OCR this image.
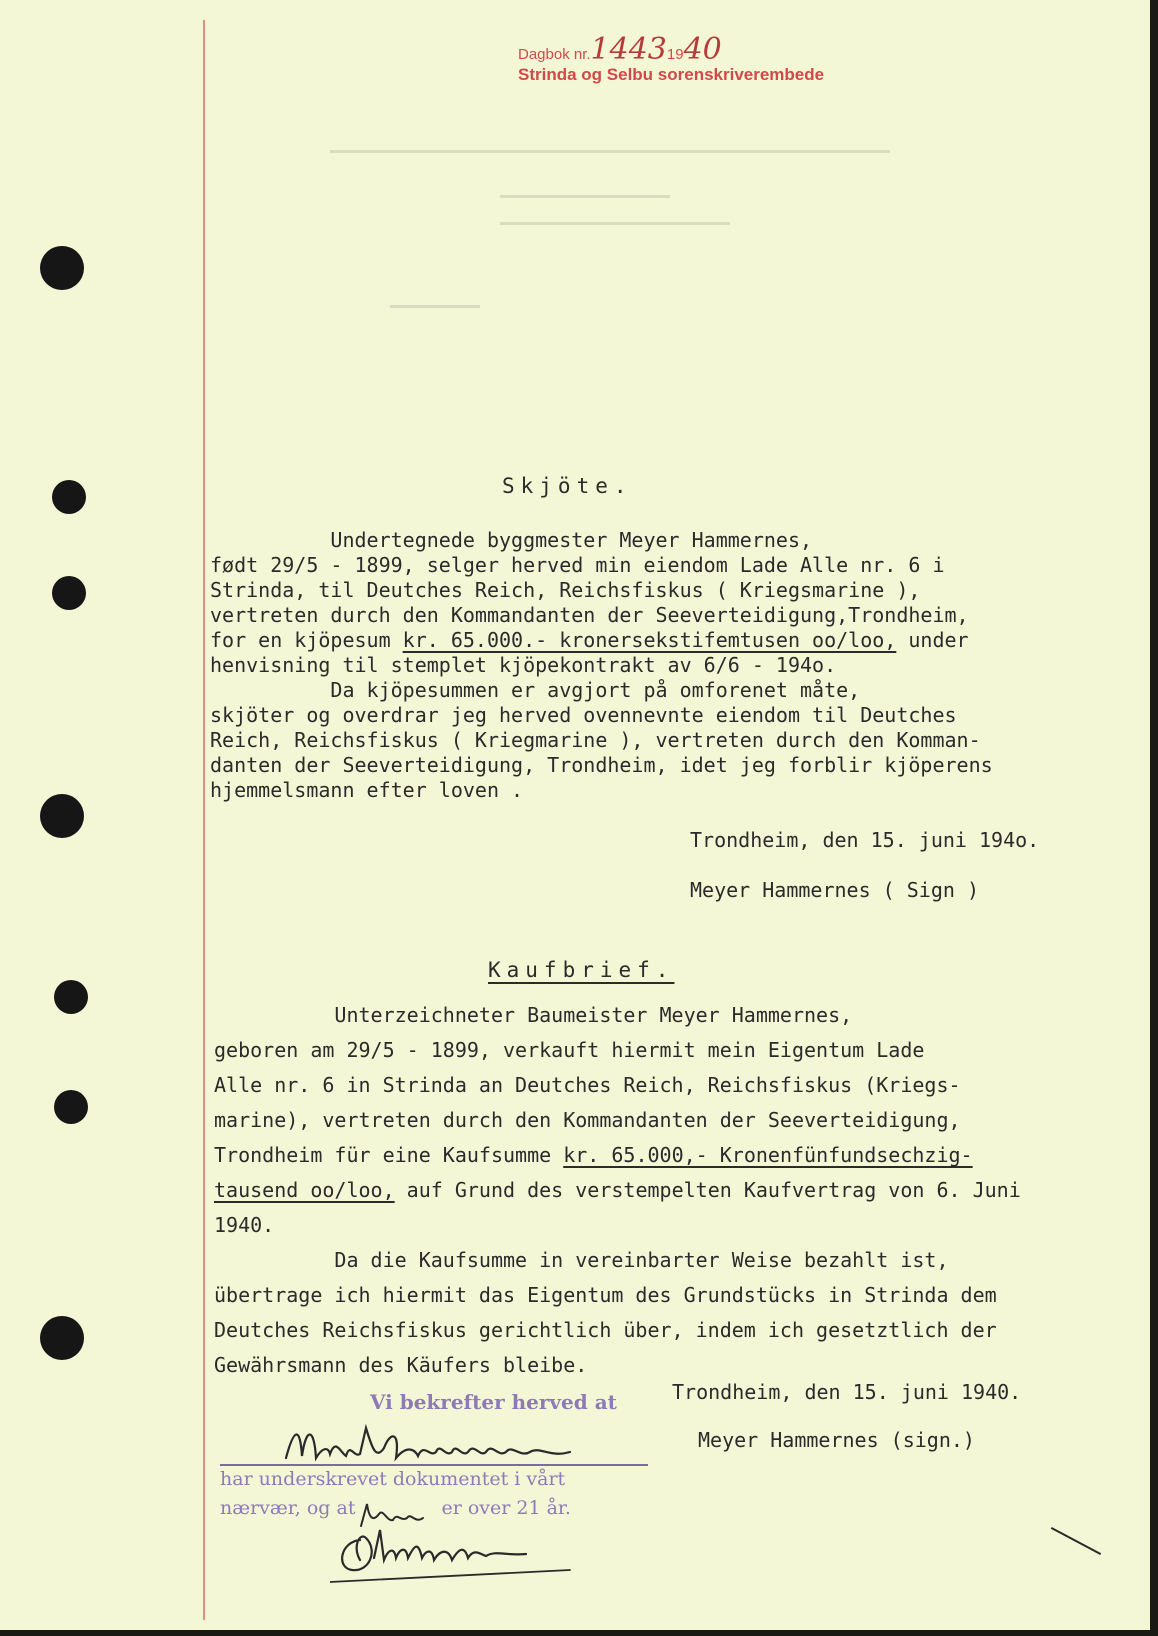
Dagbok nr.14431940
Strinda og Selbu sorenskriverembede
Skjöte.
Undertegnede byggmester Meyer Hammernes,
født 29/5 - 1899, selger herved min eiendom Lade Alle nr. 6 i
Strinda, til Deutches Reich, Reichsfiskus ( Kriegsmarine ),
vertreten durch den Kommandanten der Seeverteidigung,Trondheim,
for en kjöpesum kr. 65.000.- kronersekstifemtusen oo/loo, under
henvisning til stemplet kjöpekontrakt av 6/6 - 194o.
Da kjöpesummen er avgjort på omforenet måte,
skjöter og overdrar jeg herved ovennevnte eiendom til Deutches
Reich, Reichsfiskus ( Kriegmarine ), vertreten durch den Komman-
danten der Seeverteidigung, Trondheim, idet jeg forblir kjöperens
hjemmelsmann efter loven .
Trondheim, den 15. juni 194o.
Meyer Hammernes ( Sign )
Kaufbrief.
Unterzeichneter Baumeister Meyer Hammernes,
geboren am 29/5 - 1899, verkauft hiermit mein Eigentum Lade
Alle nr. 6 in Strinda an Deutches Reich, Reichsfiskus (Kriegs-
marine), vertreten durch den Kommandanten der Seeverteidigung,
Trondheim für eine Kaufsumme kr. 65.000,- Kronenfünfundsechzig-
tausend oo/loo, auf Grund des verstempelten Kaufvertrag von 6. Juni
1940.
Da die Kaufsumme in vereinbarter Weise bezahlt ist,
übertrage ich hiermit das Eigentum des Grundstücks in Strinda dem
Deutches Reichsfiskus gerichtlich über, indem ich gesetztlich der
Gewährsmann des Käufers bleibe.
Trondheim, den 15. juni 1940.
Meyer Hammernes (sign.)
Vi bekrefter herved at
har underskrevet dokumentet i vårt
nærvær, og at	er over 21 år.
